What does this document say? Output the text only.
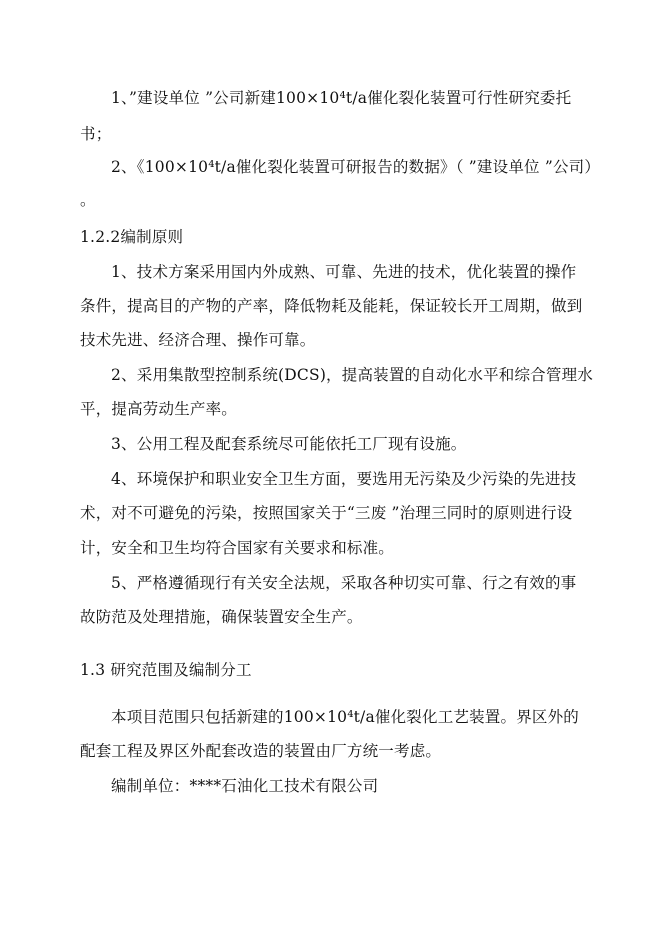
1、”建设单位 ”公司新建100×10⁴t/a催化裂化装置可行性研究委托
书；
2、《100×10⁴t/a催化裂化装置可研报告的数据》（ ”建设单位 ”公司）
。
1.2.2编制原则
1、技术方案采用国内外成熟、可靠、先进的技术，优化装置的操作
条件，提高目的产物的产率，降低物耗及能耗，保证较长开工周期，做到
技术先进、经济合理、操作可靠。
2、采用集散型控制系统(DCS)，提高装置的自动化水平和综合管理水
平，提高劳动生产率。
3、公用工程及配套系统尽可能依托工厂现有设施。
4、环境保护和职业安全卫生方面，要选用无污染及少污染的先进技
术，对不可避免的污染，按照国家关于“三废 ”治理三同时的原则进行设
计，安全和卫生均符合国家有关要求和标准。
5、严格遵循现行有关安全法规，采取各种切实可靠、行之有效的事
故防范及处理措施，确保装置安全生产。
1.3 研究范围及编制分工
本项目范围只包括新建的100×10⁴t/a催化裂化工艺装置。界区外的
配套工程及界区外配套改造的装置由厂方统一考虑。
编制单位：****石油化工技术有限公司
